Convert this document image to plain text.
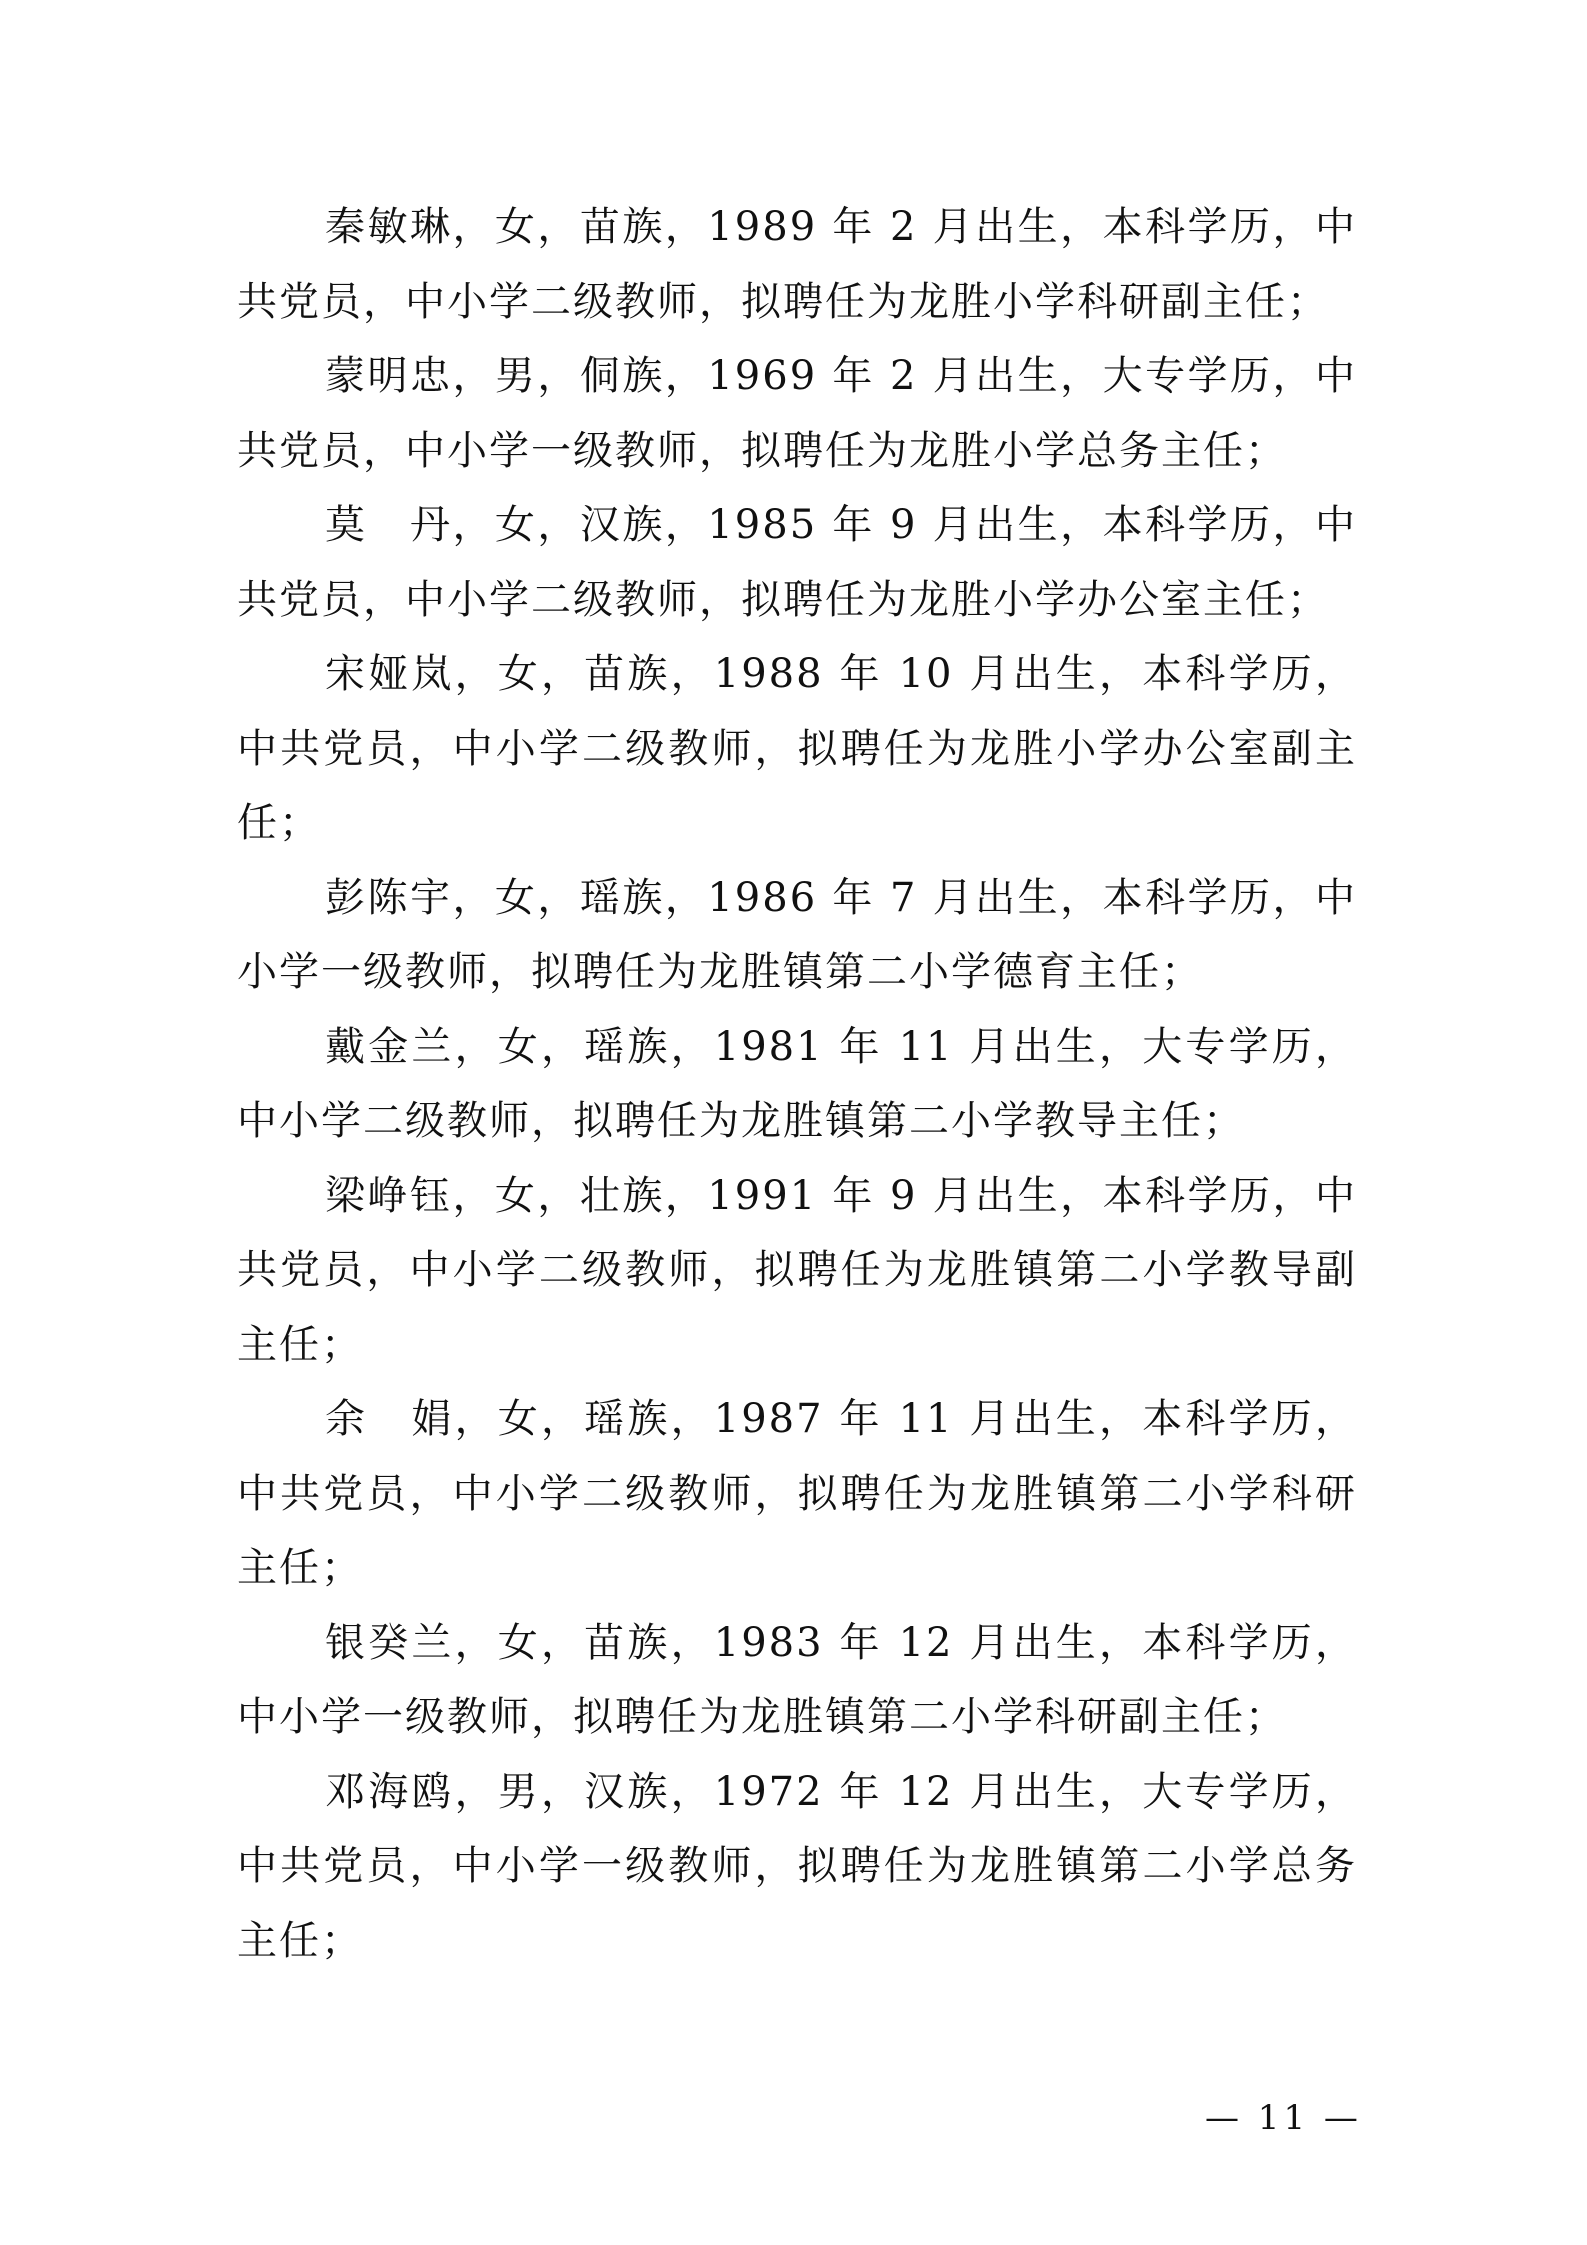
秦敏琳，女，苗族，1989 年 2 月出生，本科学历，中共党员，中小学二级教师，拟聘任为龙胜小学科研副主任；

蒙明忠，男，侗族，1969 年 2 月出生，大专学历，中共党员，中小学一级教师，拟聘任为龙胜小学总务主任；

莫　丹，女，汉族，1985 年 9 月出生，本科学历，中共党员，中小学二级教师，拟聘任为龙胜小学办公室主任；

宋娅岚，女，苗族，1988 年 10 月出生，本科学历，中共党员，中小学二级教师，拟聘任为龙胜小学办公室副主任；

彭陈宇，女，瑶族，1986 年 7 月出生，本科学历，中小学一级教师，拟聘任为龙胜镇第二小学德育主任；

戴金兰，女，瑶族，1981 年 11 月出生，大专学历，中小学二级教师，拟聘任为龙胜镇第二小学教导主任；

梁峥钰，女，壮族，1991 年 9 月出生，本科学历，中共党员，中小学二级教师，拟聘任为龙胜镇第二小学教导副主任；

余　娟，女，瑶族，1987 年 11 月出生，本科学历，中共党员，中小学二级教师，拟聘任为龙胜镇第二小学科研主任；

银癸兰，女，苗族，1983 年 12 月出生，本科学历，中小学一级教师，拟聘任为龙胜镇第二小学科研副主任；

邓海鸥，男，汉族，1972 年 12 月出生，大专学历，中共党员，中小学一级教师，拟聘任为龙胜镇第二小学总务主任；

— 11 —
